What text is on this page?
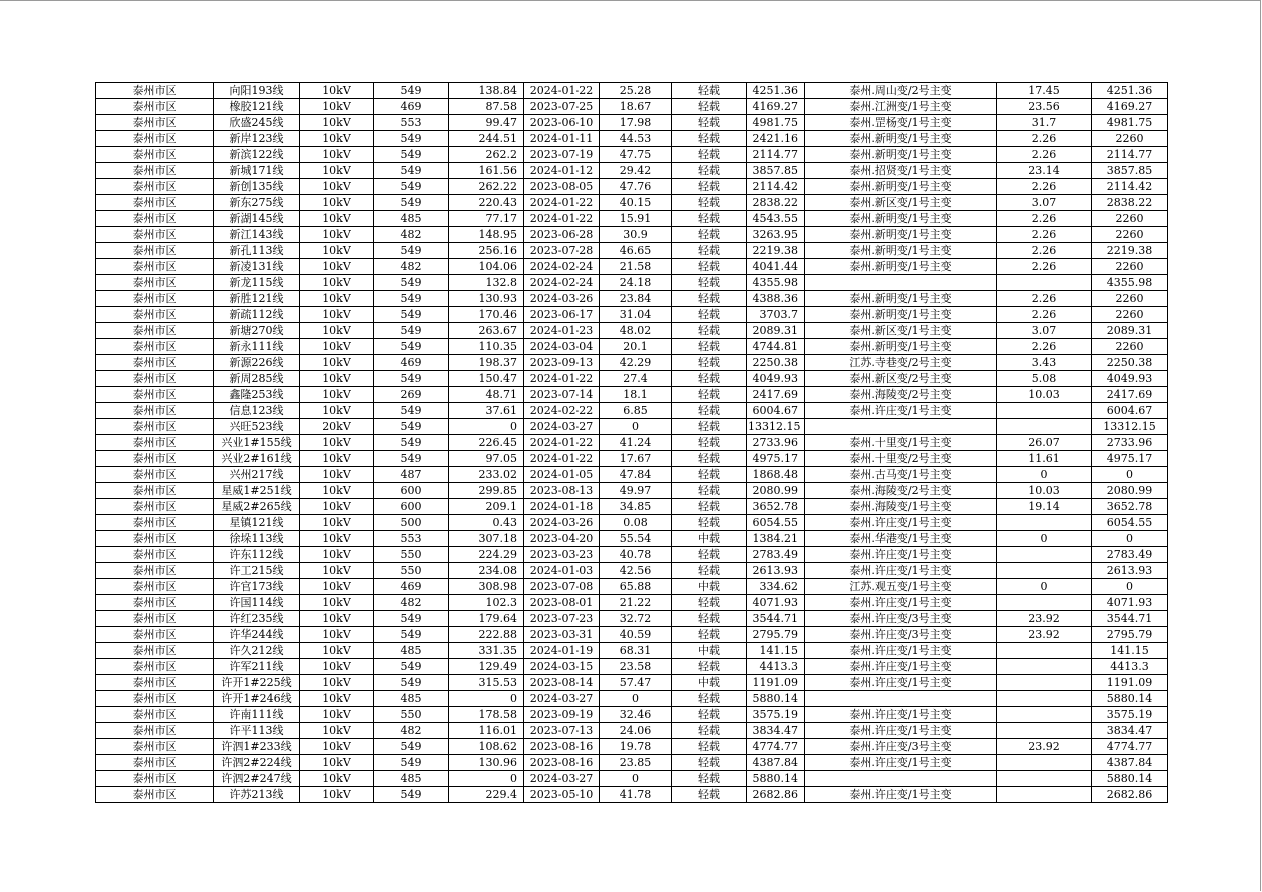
泰州市区	向阳193线	10kV	549	138.84	2024-01-22	25.28	轻载	4251.36	泰州.周山变/2号主变	17.45	4251.36
泰州市区	橡胶121线	10kV	469	87.58	2023-07-25	18.67	轻载	4169.27	泰州.江洲变/1号主变	23.56	4169.27
泰州市区	欣盛245线	10kV	553	99.47	2023-06-10	17.98	轻载	4981.75	泰州.罡杨变/1号主变	31.7	4981.75
泰州市区	新岸123线	10kV	549	244.51	2024-01-11	44.53	轻载	2421.16	泰州.新明变/1号主变	2.26	2260
泰州市区	新滨122线	10kV	549	262.2	2023-07-19	47.75	轻载	2114.77	泰州.新明变/1号主变	2.26	2114.77
泰州市区	新城171线	10kV	549	161.56	2024-01-12	29.42	轻载	3857.85	泰州.招贤变/1号主变	23.14	3857.85
泰州市区	新创135线	10kV	549	262.22	2023-08-05	47.76	轻载	2114.42	泰州.新明变/1号主变	2.26	2114.42
泰州市区	新东275线	10kV	549	220.43	2024-01-22	40.15	轻载	2838.22	泰州.新区变/1号主变	3.07	2838.22
泰州市区	新湖145线	10kV	485	77.17	2024-01-22	15.91	轻载	4543.55	泰州.新明变/1号主变	2.26	2260
泰州市区	新江143线	10kV	482	148.95	2023-06-28	30.9	轻载	3263.95	泰州.新明变/1号主变	2.26	2260
泰州市区	新孔113线	10kV	549	256.16	2023-07-28	46.65	轻载	2219.38	泰州.新明变/1号主变	2.26	2219.38
泰州市区	新凌131线	10kV	482	104.06	2024-02-24	21.58	轻载	4041.44	泰州.新明变/1号主变	2.26	2260
泰州市区	新龙115线	10kV	549	132.8	2024-02-24	24.18	轻载	4355.98			4355.98
泰州市区	新胜121线	10kV	549	130.93	2024-03-26	23.84	轻载	4388.36	泰州.新明变/1号主变	2.26	2260
泰州市区	新疏112线	10kV	549	170.46	2023-06-17	31.04	轻载	3703.7	泰州.新明变/1号主变	2.26	2260
泰州市区	新塘270线	10kV	549	263.67	2024-01-23	48.02	轻载	2089.31	泰州.新区变/1号主变	3.07	2089.31
泰州市区	新永111线	10kV	549	110.35	2024-03-04	20.1	轻载	4744.81	泰州.新明变/1号主变	2.26	2260
泰州市区	新源226线	10kV	469	198.37	2023-09-13	42.29	轻载	2250.38	江苏.寺巷变/2号主变	3.43	2250.38
泰州市区	新周285线	10kV	549	150.47	2024-01-22	27.4	轻载	4049.93	泰州.新区变/2号主变	5.08	4049.93
泰州市区	鑫隆253线	10kV	269	48.71	2023-07-14	18.1	轻载	2417.69	泰州.海陵变/2号主变	10.03	2417.69
泰州市区	信息123线	10kV	549	37.61	2024-02-22	6.85	轻载	6004.67	泰州.许庄变/1号主变		6004.67
泰州市区	兴旺523线	20kV	549	0	2024-03-27	0	轻载	13312.15			13312.15
泰州市区	兴业1#155线	10kV	549	226.45	2024-01-22	41.24	轻载	2733.96	泰州.十里变/1号主变	26.07	2733.96
泰州市区	兴业2#161线	10kV	549	97.05	2024-01-22	17.67	轻载	4975.17	泰州.十里变/2号主变	11.61	4975.17
泰州市区	兴州217线	10kV	487	233.02	2024-01-05	47.84	轻载	1868.48	泰州.古马变/1号主变	0	0
泰州市区	星威1#251线	10kV	600	299.85	2023-08-13	49.97	轻载	2080.99	泰州.海陵变/2号主变	10.03	2080.99
泰州市区	星威2#265线	10kV	600	209.1	2024-01-18	34.85	轻载	3652.78	泰州.海陵变/1号主变	19.14	3652.78
泰州市区	星镇121线	10kV	500	0.43	2024-03-26	0.08	轻载	6054.55	泰州.许庄变/1号主变		6054.55
泰州市区	徐垛113线	10kV	553	307.18	2023-04-20	55.54	中载	1384.21	泰州.华港变/1号主变	0	0
泰州市区	许东112线	10kV	550	224.29	2023-03-23	40.78	轻载	2783.49	泰州.许庄变/1号主变		2783.49
泰州市区	许工215线	10kV	550	234.08	2024-01-03	42.56	轻载	2613.93	泰州.许庄变/1号主变		2613.93
泰州市区	许官173线	10kV	469	308.98	2023-07-08	65.88	中载	334.62	江苏.观五变/1号主变	0	0
泰州市区	许国114线	10kV	482	102.3	2023-08-01	21.22	轻载	4071.93	泰州.许庄变/1号主变		4071.93
泰州市区	许红235线	10kV	549	179.64	2023-07-23	32.72	轻载	3544.71	泰州.许庄变/3号主变	23.92	3544.71
泰州市区	许华244线	10kV	549	222.88	2023-03-31	40.59	轻载	2795.79	泰州.许庄变/3号主变	23.92	2795.79
泰州市区	许久212线	10kV	485	331.35	2024-01-19	68.31	中载	141.15	泰州.许庄变/1号主变		141.15
泰州市区	许军211线	10kV	549	129.49	2024-03-15	23.58	轻载	4413.3	泰州.许庄变/1号主变		4413.3
泰州市区	许开1#225线	10kV	549	315.53	2023-08-14	57.47	中载	1191.09	泰州.许庄变/1号主变		1191.09
泰州市区	许开1#246线	10kV	485	0	2024-03-27	0	轻载	5880.14			5880.14
泰州市区	许南111线	10kV	550	178.58	2023-09-19	32.46	轻载	3575.19	泰州.许庄变/1号主变		3575.19
泰州市区	许平113线	10kV	482	116.01	2023-07-13	24.06	轻载	3834.47	泰州.许庄变/1号主变		3834.47
泰州市区	许泗1#233线	10kV	549	108.62	2023-08-16	19.78	轻载	4774.77	泰州.许庄变/3号主变	23.92	4774.77
泰州市区	许泗2#224线	10kV	549	130.96	2023-08-16	23.85	轻载	4387.84	泰州.许庄变/1号主变		4387.84
泰州市区	许泗2#247线	10kV	485	0	2024-03-27	0	轻载	5880.14			5880.14
泰州市区	许苏213线	10kV	549	229.4	2023-05-10	41.78	轻载	2682.86	泰州.许庄变/1号主变		2682.86
